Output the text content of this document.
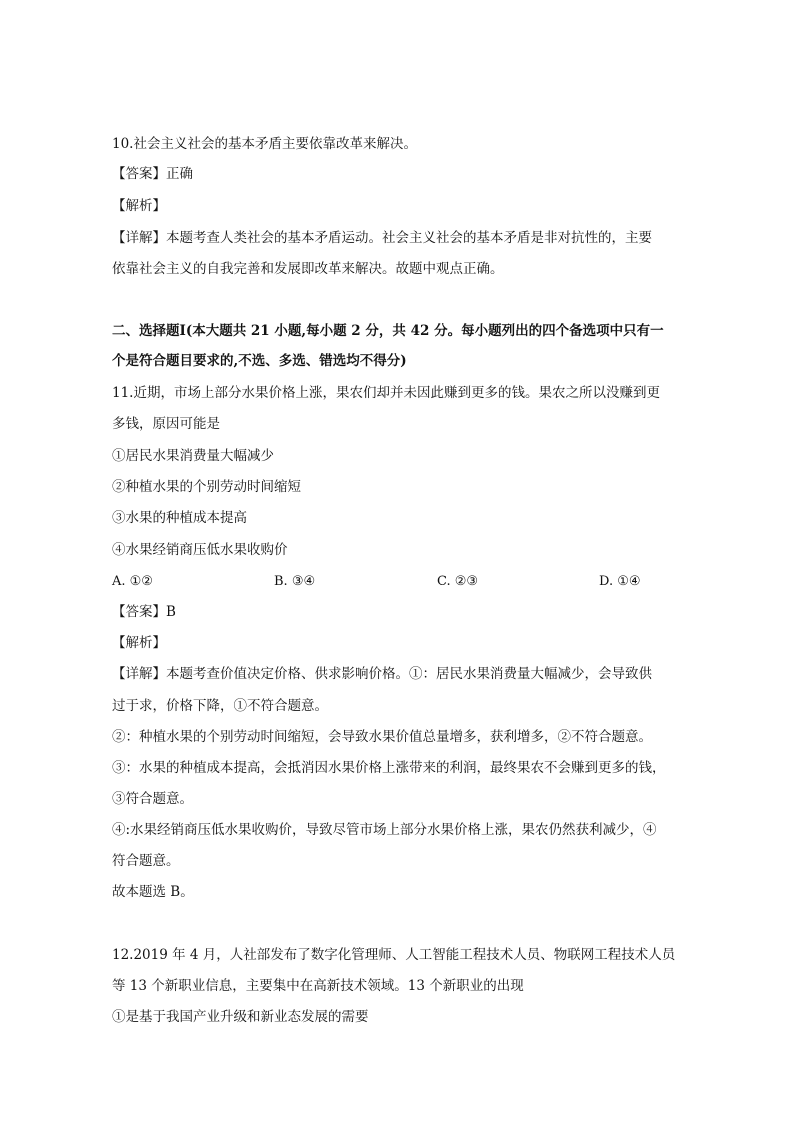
10.社会主义社会的基本矛盾主要依靠改革来解决。

【答案】正确

【解析】

【详解】本题考查人类社会的基本矛盾运动。社会主义社会的基本矛盾是非对抗性的，主要

依靠社会主义的自我完善和发展即改革来解决。故题中观点正确。

二、选择题Ⅰ(本大题共 21 小题,每小题 2 分，共 42 分。每小题列出的四个备选项中只有一

个是符合题目要求的,不选、多选、错选均不得分)

11.近期，市场上部分水果价格上涨，果农们却并未因此赚到更多的钱。果农之所以没赚到更

多钱，原因可能是

①居民水果消费量大幅减少

②种植水果的个别劳动时间缩短

③水果的种植成本提高

④水果经销商压低水果收购价

A. ①②	B. ③④	C. ②③	D. ①④

【答案】B

【解析】

【详解】本题考查价值决定价格、供求影响价格。①：居民水果消费量大幅减少，会导致供

过于求，价格下降，①不符合题意。

②：种植水果的个别劳动时间缩短，会导致水果价值总量增多，获利增多，②不符合题意。

③：水果的种植成本提高，会抵消因水果价格上涨带来的利润，最终果农不会赚到更多的钱，

③符合题意。

④:水果经销商压低水果收购价，导致尽管市场上部分水果价格上涨，果农仍然获利减少，④

符合题意。

故本题选 B。

12.2019 年 4 月，人社部发布了数字化管理师、人工智能工程技术人员、物联网工程技术人员

等 13 个新职业信息，主要集中在高新技术领域。13 个新职业的出现

①是基于我国产业升级和新业态发展的需要
